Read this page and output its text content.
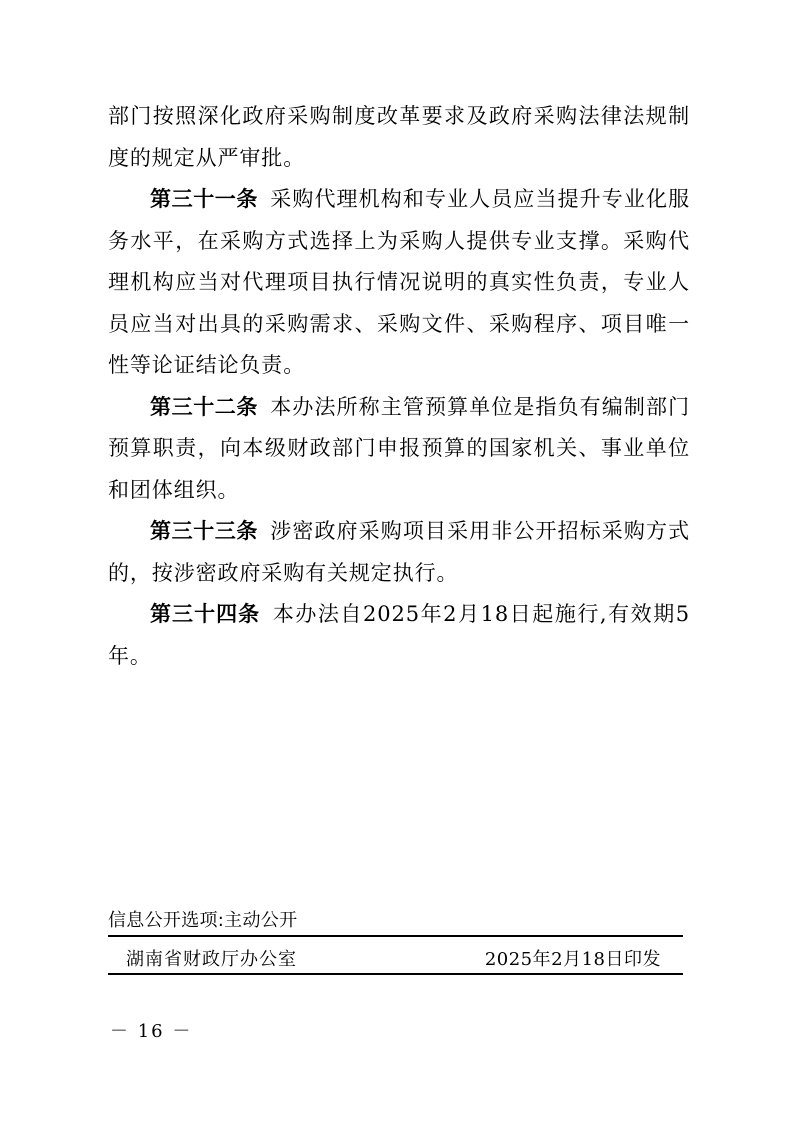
部门按照深化政府采购制度改革要求及政府采购法律法规制度的规定从严审批。

第三十一条 采购代理机构和专业人员应当提升专业化服务水平，在采购方式选择上为采购人提供专业支撑。采购代理机构应当对代理项目执行情况说明的真实性负责，专业人员应当对出具的采购需求、采购文件、采购程序、项目唯一性等论证结论负责。

第三十二条 本办法所称主管预算单位是指负有编制部门预算职责，向本级财政部门申报预算的国家机关、事业单位和团体组织。

第三十三条 涉密政府采购项目采用非公开招标采购方式的，按涉密政府采购有关规定执行。

第三十四条 本办法自2025年2月18日起施行,有效期5年。

信息公开选项:主动公开
湖南省财政厅办公室	2025年2月18日印发
－ 16 －
